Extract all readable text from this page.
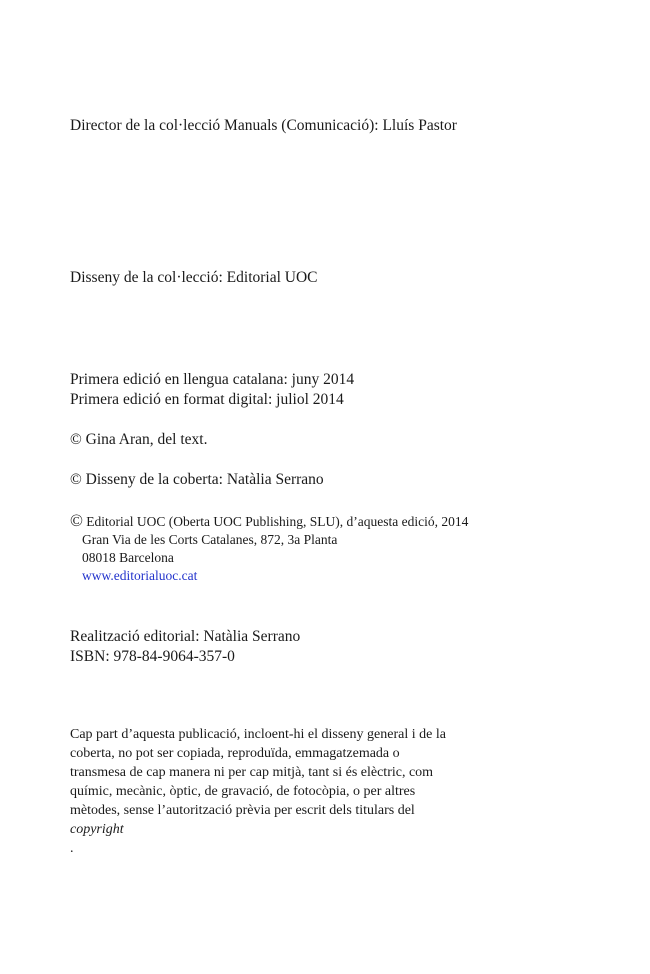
Director de la col·lecció Manuals (Comunicació): Lluís Pastor
Disseny de la col·lecció: Editorial UOC
Primera edició en llengua catalana: juny 2014
Primera edició en format digital: juliol 2014
© Gina Aran, del text.
© Disseny de la coberta: Natàlia Serrano
© Editorial UOC (Oberta UOC Publishing, SLU), d’aquesta edició, 2014
Gran Via de les Corts Catalanes, 872, 3a Planta
08018 Barcelona
www.editorialuoc.cat
Realització editorial: Natàlia Serrano
ISBN: 978-84-9064-357-0
Cap part d’aquesta publicació, incloent-hi el disseny general i de la
coberta, no pot ser copiada, reproduïda, emmagatzemada o
transmesa de cap manera ni per cap mitjà, tant si és elèctric, com
químic, mecànic, òptic, de gravació, de fotocòpia, o per altres
mètodes, sense l’autorització prèvia per escrit dels titulars del
copyright
.
